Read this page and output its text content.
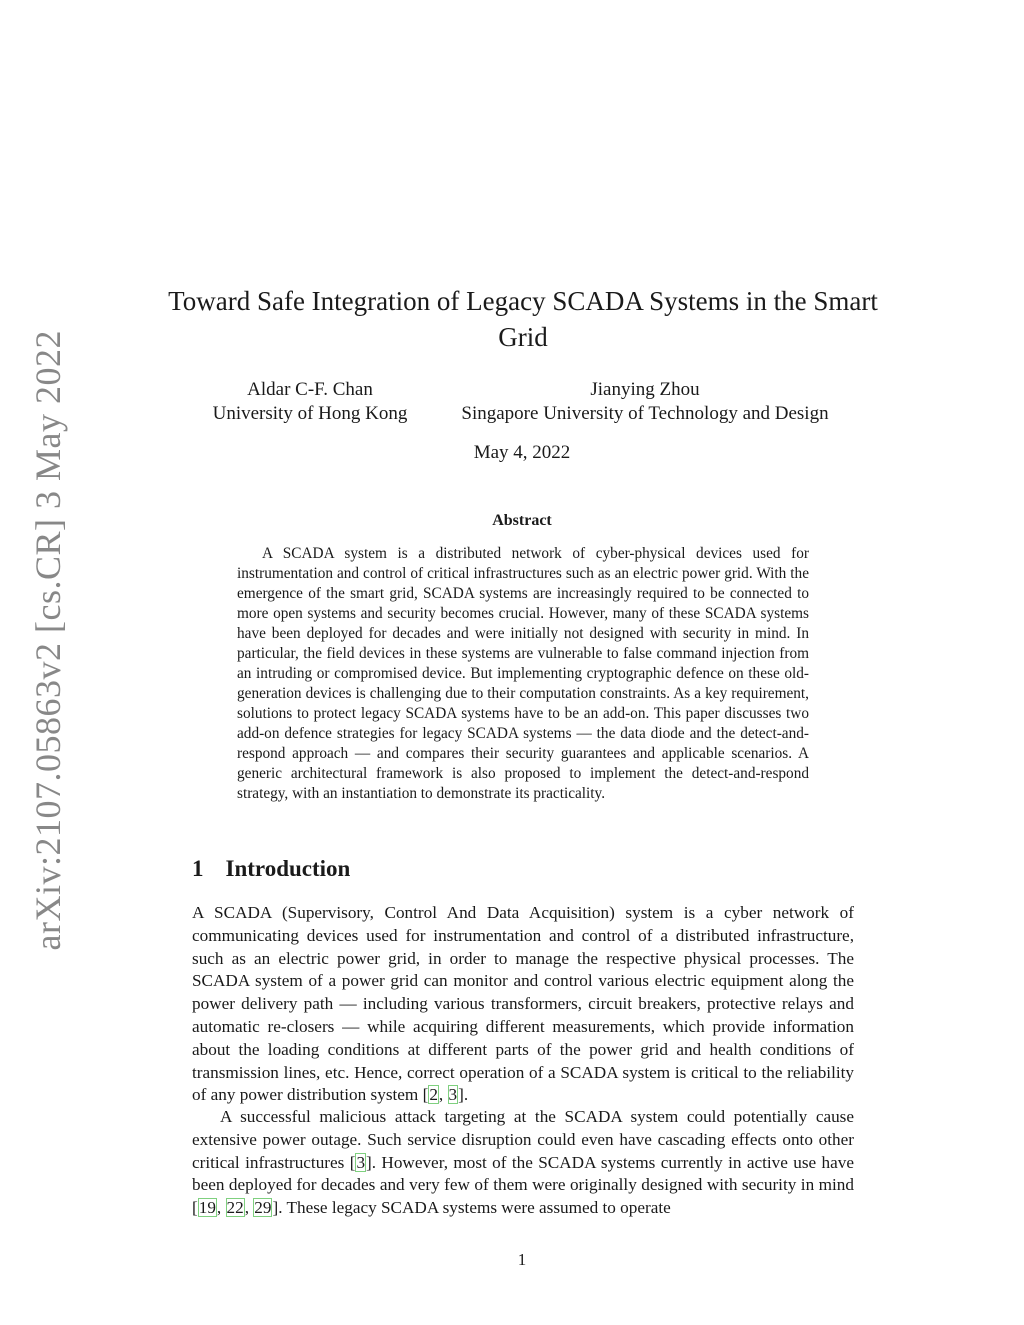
arXiv:2107.05863v2 [cs.CR] 3 May 2022
Toward Safe Integration of Legacy SCADA Systems in the Smart Grid
Aldar C-F. Chan
University of Hong Kong
Jianying Zhou
Singapore University of Technology and Design
May 4, 2022
Abstract
A SCADA system is a distributed network of cyber-physical devices used for instrumentation and control of critical infrastructures such as an electric power grid. With the emergence of the smart grid, SCADA systems are increasingly required to be connected to more open systems and security becomes crucial. However, many of these SCADA systems have been deployed for decades and were initially not designed with security in mind. In particular, the field devices in these systems are vulnerable to false command injection from an intruding or compromised device. But implementing cryptographic defence on these old-generation devices is challenging due to their computation constraints. As a key requirement, solutions to protect legacy SCADA systems have to be an add-on. This paper discusses two add-on defence strategies for legacy SCADA systems — the data diode and the detect-and-respond approach — and compares their security guarantees and applicable scenarios. A generic architectural framework is also proposed to implement the detect-and-respond strategy, with an instantiation to demonstrate its practicality.
1 Introduction
A SCADA (Supervisory, Control And Data Acquisition) system is a cyber network of communicating devices used for instrumentation and control of a distributed infrastructure, such as an electric power grid, in order to manage the respective physical processes. The SCADA system of a power grid can monitor and control various electric equipment along the power delivery path — including various transformers, circuit breakers, protective relays and automatic re-closers — while acquiring different measurements, which provide information about the loading conditions at different parts of the power grid and health conditions of transmission lines, etc. Hence, correct operation of a SCADA system is critical to the reliability of any power distribution system [2, 3].
A successful malicious attack targeting at the SCADA system could potentially cause extensive power outage. Such service disruption could even have cascading effects onto other critical infrastructures [3]. However, most of the SCADA systems currently in active use have been deployed for decades and very few of them were originally designed with security in mind [19, 22, 29]. These legacy SCADA systems were assumed to operate
1
